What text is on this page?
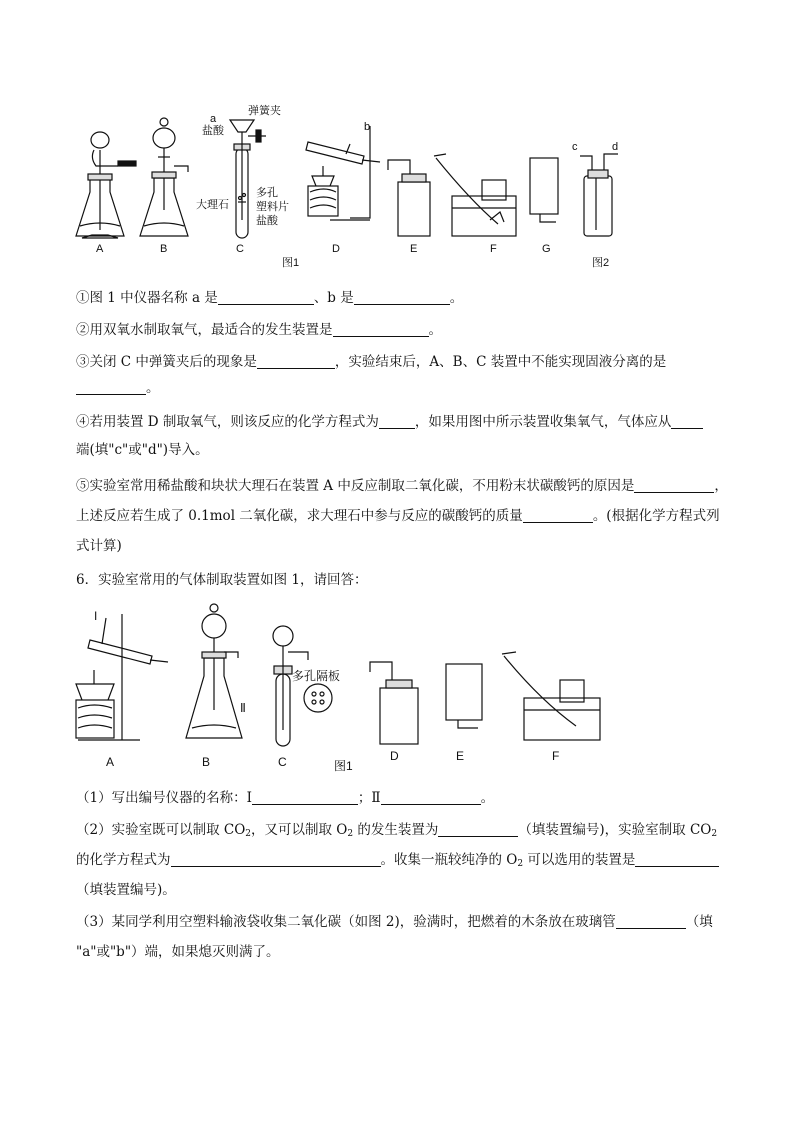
A	B	C	D	E	F	G
图1	图2
a
盐酸
弹簧夹
大理石
多孔
塑料片
盐酸
b
c	d
①图 1 中仪器名称 a 是	、b 是	。
②用双氧水制取氧气，最适合的发生装置是	。
③关闭 C 中弹簧夹后的现象是	，实验结束后，A、B、C 装置中不能实现固液分离的是
。
④若用装置 D 制取氧气，则该反应的化学方程式为	，如果用图中所示装置收集氧气，气体应从
端(填"c"或"d")导入。
⑤实验室常用稀盐酸和块状大理石在装置 A 中反应制取二氧化碳，不用粉末状碳酸钙的原因是	，
上述反应若生成了 0.1mol 二氧化碳，求大理石中参与反应的碳酸钙的质量	。(根据化学方程式列
式计算)
6．实验室常用的气体制取装置如图 1，请回答：
I
Ⅱ
多孔隔板
A	B	C	图1
D	E	F
（1）写出编号仪器的名称：Ⅰ	；Ⅱ	。
（2）实验室既可以制取 $CO_2$，又可以制取 $O_2$ 的发生装置为	（填装置编号)，实验室制取 $CO_2$
的化学方程式为	。收集一瓶较纯净的 $O_2$ 可以选用的装置是
（填装置编号)。
（3）某同学利用空塑料输液袋收集二氧化碳（如图 2)，验满时，把燃着的木条放在玻璃管	（填
"a"或"b"）端，如果熄灭则满了。
